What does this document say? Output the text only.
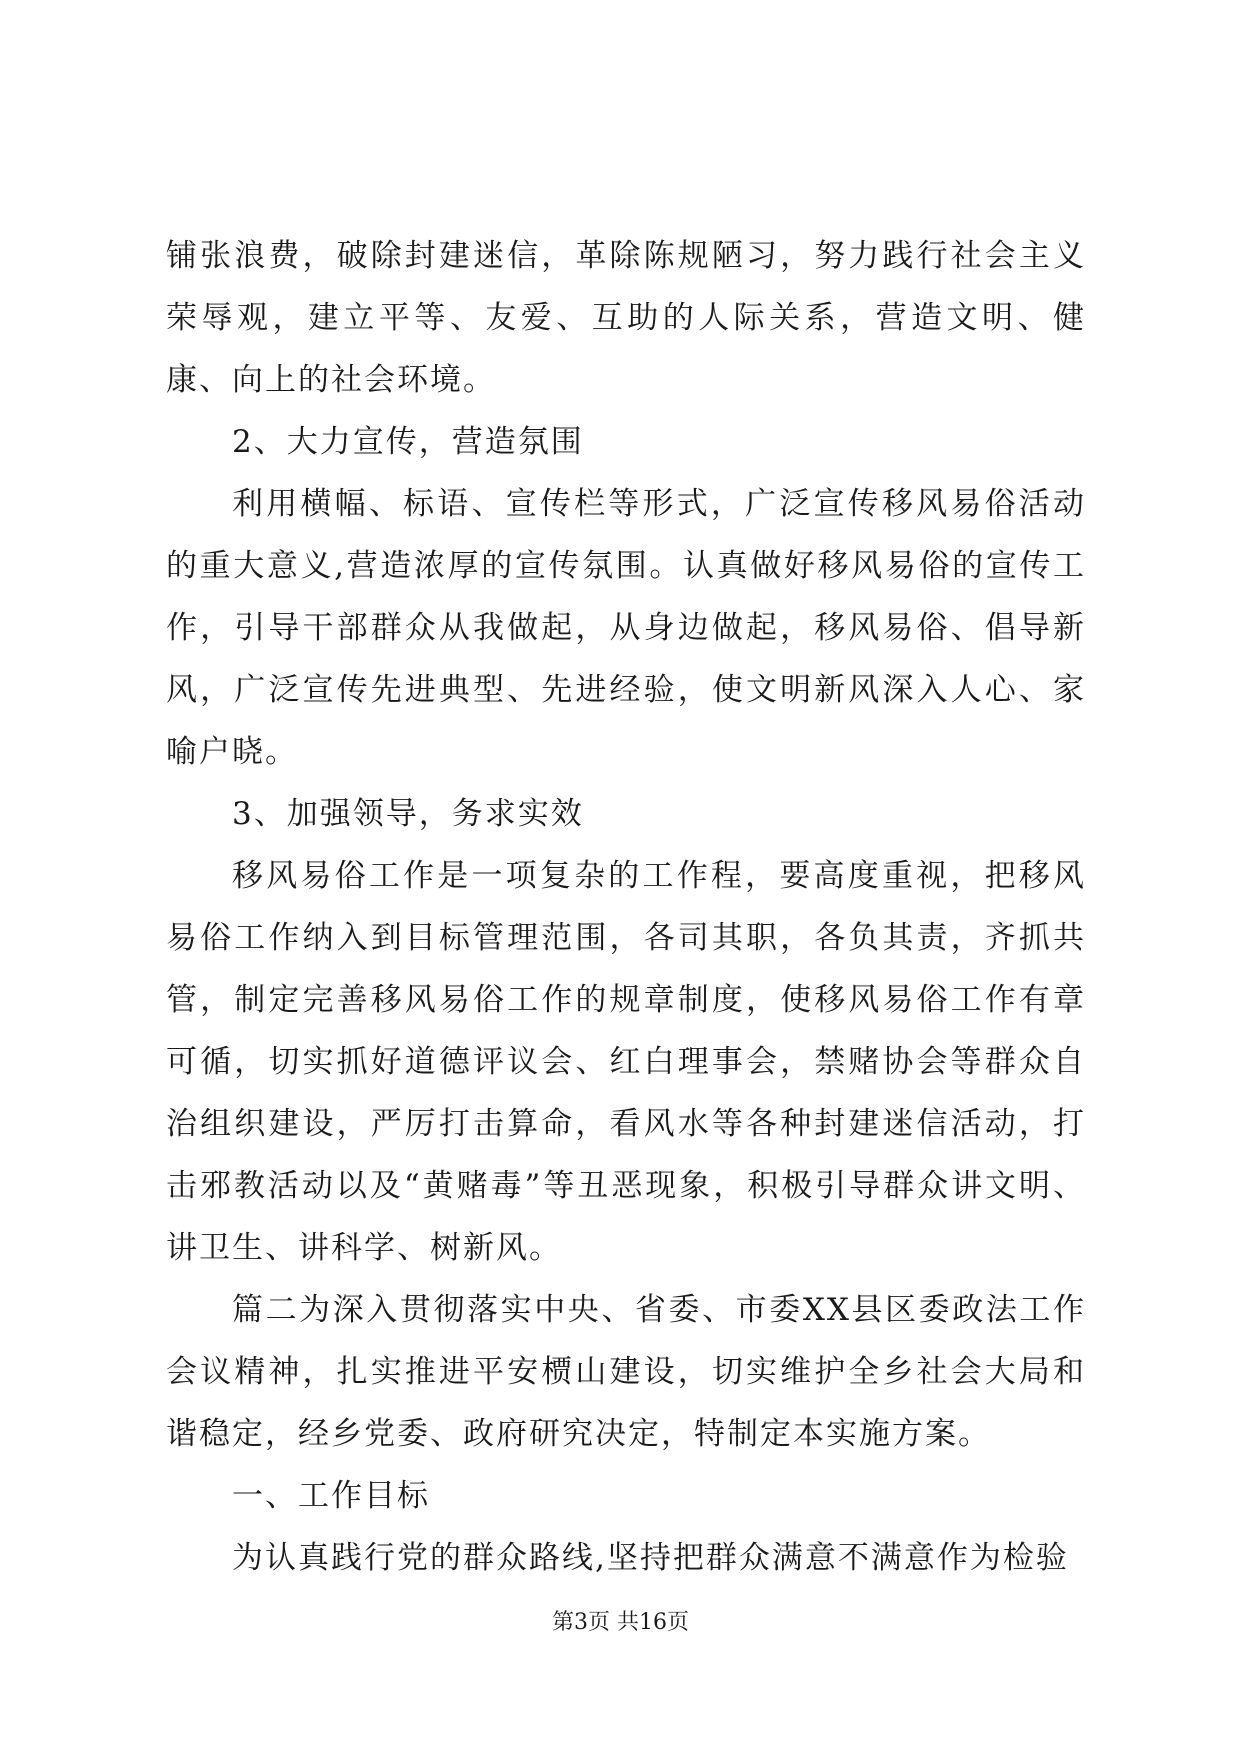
铺张浪费，破除封建迷信，革除陈规陋习，努力践行社会主义荣辱观，建立平等、友爱、互助的人际关系，营造文明、健康、向上的社会环境。

2、大力宣传，营造氛围

利用横幅、标语、宣传栏等形式，广泛宣传移风易俗活动的重大意义,营造浓厚的宣传氛围。认真做好移风易俗的宣传工作，引导干部群众从我做起，从身边做起，移风易俗、倡导新风，广泛宣传先进典型、先进经验，使文明新风深入人心、家喻户晓。

3、加强领导，务求实效

移风易俗工作是一项复杂的工作程，要高度重视，把移风易俗工作纳入到目标管理范围，各司其职，各负其责，齐抓共管，制定完善移风易俗工作的规章制度，使移风易俗工作有章可循，切实抓好道德评议会、红白理事会，禁赌协会等群众自治组织建设，严厉打击算命，看风水等各种封建迷信活动，打击邪教活动以及“黄赌毒”等丑恶现象，积极引导群众讲文明、讲卫生、讲科学、树新风。

篇二为深入贯彻落实中央、省委、市委XX县区委政法工作会议精神，扎实推进平安槚山建设，切实维护全乡社会大局和谐稳定，经乡党委、政府研究决定，特制定本实施方案。

一、工作目标

为认真践行党的群众路线,坚持把群众满意不满意作为检验

第3页 共16页
